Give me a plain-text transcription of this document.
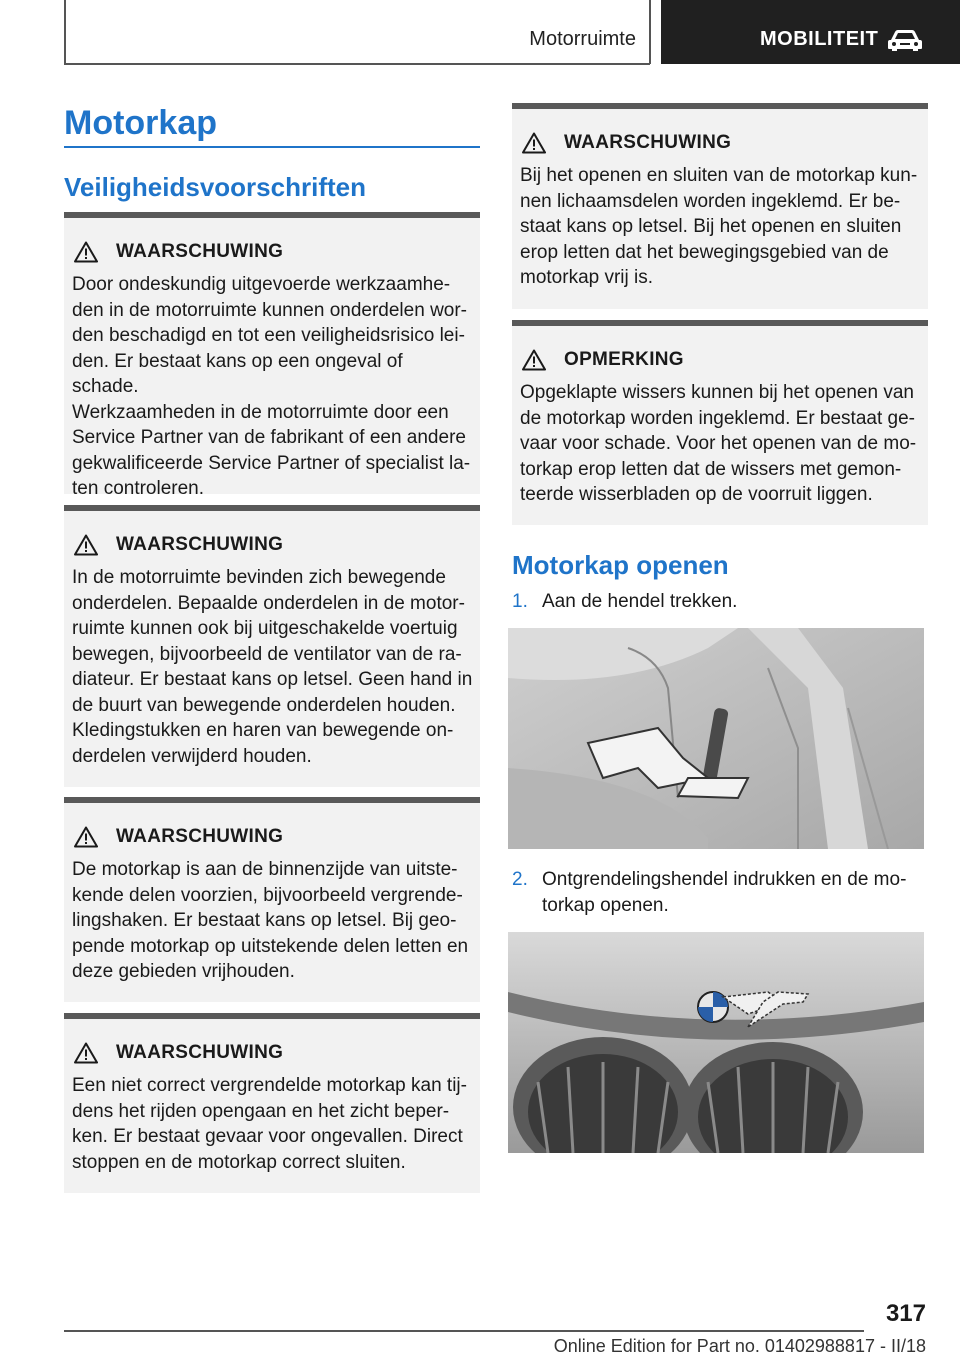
Motorruimte	MOBILITEIT
Motorkap
Veiligheidsvoorschriften
WAARSCHUWING
Door ondeskundig uitgevoerde werkzaamhe‐
den in de motorruimte kunnen onderdelen wor‐
den beschadigd en tot een veiligheidsrisico lei‐
den. Er bestaat kans op een ongeval of schade.
Werkzaamheden in de motorruimte door een
Service Partner van de fabrikant of een andere
gekwalificeerde Service Partner of specialist la‐
ten controleren.
WAARSCHUWING
In de motorruimte bevinden zich bewegende
onderdelen. Bepaalde onderdelen in de motor‐
ruimte kunnen ook bij uitgeschakelde voertuig
bewegen, bijvoorbeeld de ventilator van de ra‐
diateur. Er bestaat kans op letsel. Geen hand in
de buurt van bewegende onderdelen houden.
Kledingstukken en haren van bewegende on‐
derdelen verwijderd houden.
WAARSCHUWING
De motorkap is aan de binnenzijde van uitste‐
kende delen voorzien, bijvoorbeeld vergrende‐
lingshaken. Er bestaat kans op letsel. Bij geo‐
pende motorkap op uitstekende delen letten en
deze gebieden vrijhouden.
WAARSCHUWING
Een niet correct vergrendelde motorkap kan tij‐
dens het rijden opengaan en het zicht beper‐
ken. Er bestaat gevaar voor ongevallen. Direct
stoppen en de motorkap correct sluiten.
WAARSCHUWING
Bij het openen en sluiten van de motorkap kun‐
nen lichaamsdelen worden ingeklemd. Er be‐
staat kans op letsel. Bij het openen en sluiten
erop letten dat het bewegingsgebied van de
motorkap vrij is.
OPMERKING
Opgeklapte wissers kunnen bij het openen van
de motorkap worden ingeklemd. Er bestaat ge‐
vaar voor schade. Voor het openen van de mo‐
torkap erop letten dat de wissers met gemon‐
teerde wisserbladen op de voorruit liggen.
Motorkap openen
1. Aan de hendel trekken.
2. Ontgrendelingshendel indrukken en de mo‐
torkap openen.
317
Online Edition for Part no. 01402988817 - II/18
